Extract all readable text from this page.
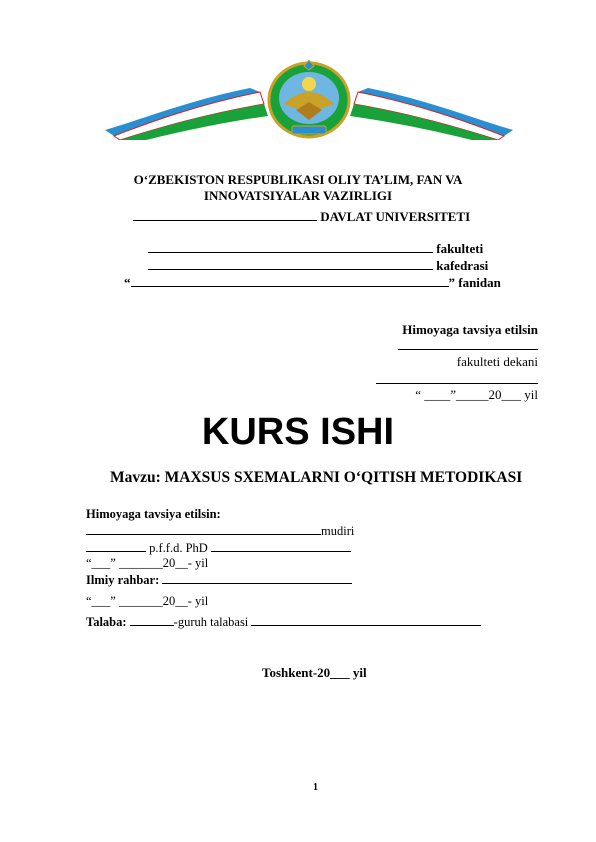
O‘ZBEKISTON RESPUBLIKASI OLIY TA’LIM, FAN VA
INNOVATSIYALAR VAZIRLIGI
DAVLAT UNIVERSITETI
fakulteti
kafedrasi
“	” fanidan
Himoyaga tavsiya etilsin
fakulteti dekani
“ ____”_____20___ yil
KURS ISHI
Mavzu: MAXSUS SXEMALARNI O‘QITISH METODIKASI
Himoyaga tavsiya etilsin:
mudiri
p.f.f.d. PhD
“___” _______20__- yil
Ilmiy rahbar:
“___” _______20__- yil
Talaba:	-guruh talabasi
Toshkent-20___ yil
1
